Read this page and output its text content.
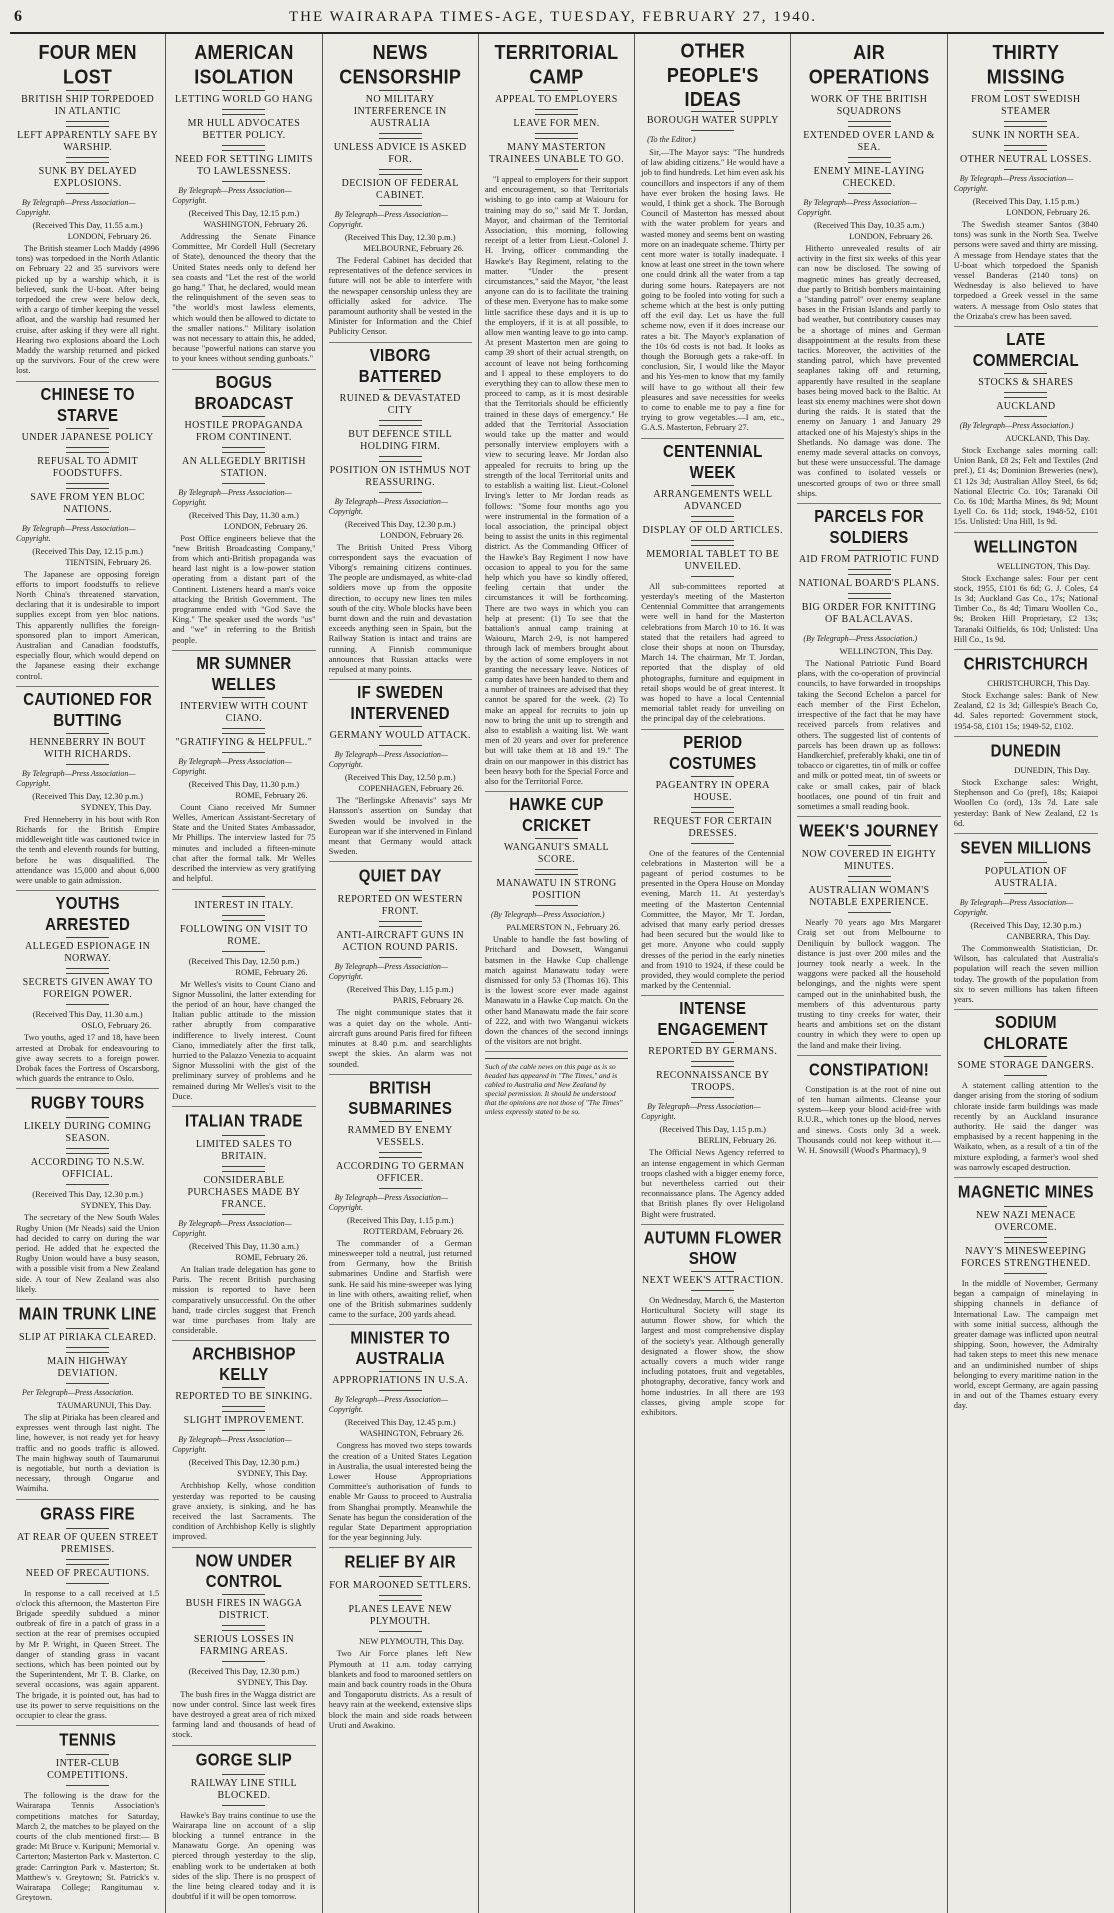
6	THE WAIRARAPA TIMES-AGE, TUESDAY, FEBRUARY 27, 1940.
FOUR MEN LOST
BRITISH SHIP TORPEDOED IN ATLANTIC
LEFT APPARENTLY SAFE BY WARSHIP.
SUNK BY DELAYED EXPLOSIONS.
By Telegraph—Press Association—Copyright.
(Received This Day, 11.55 a.m.)
LONDON, February 26.

The British steamer Loch Maddy (4996 tons) was torpedoed in the North Atlantic on February 22 and 35 survivors were picked up by a warship which, it is believed, sunk the U-boat. After being torpedoed the crew were below deck, with a cargo of timber keeping the vessel afloat, and the warship had resumed her cruise, after asking if they were all right. Hearing two explosions aboard the Loch Maddy the warship returned and picked up the survivors. Four of the crew were lost.

CHINESE TO STARVE
UNDER JAPANESE POLICY
REFUSAL TO ADMIT FOODSTUFFS.
SAVE FROM YEN BLOC NATIONS.
By Telegraph—Press Association—Copyright.
(Received This Day, 12.15 p.m.)
TIENTSIN, February 26.

The Japanese are opposing foreign efforts to import foodstuffs to relieve North China's threatened starvation, declaring that it is undesirable to import supplies except from yen bloc nations. This apparently nullifies the foreign-sponsored plan to import American, Australian and Canadian foodstuffs, especially flour, which would depend on the Japanese easing their exchange control.

CAUTIONED FOR BUTTING
HENNEBERRY IN BOUT WITH RICHARDS.
By Telegraph—Press Association—Copyright.
(Received This Day, 12.30 p.m.)
SYDNEY, This Day.

Fred Henneberry in his bout with Ron Richards for the British Empire middleweight title was cautioned twice in the tenth and eleventh rounds for butting, before he was disqualified. The attendance was 15,000 and about 6,000 were unable to gain admission.

YOUTHS ARRESTED
ALLEGED ESPIONAGE IN NORWAY.
SECRETS GIVEN AWAY TO FOREIGN POWER.
(Received This Day, 11.30 a.m.)
OSLO, February 26.

Two youths, aged 17 and 18, have been arrested at Drobak for endeavouring to give away secrets to a foreign power. Drobak faces the Fortress of Oscarsborg, which guards the entrance to Oslo.

RUGBY TOURS
LIKELY DURING COMING SEASON.
ACCORDING TO N.S.W. OFFICIAL.
(Received This Day, 12.30 p.m.)
SYDNEY, This Day.

The secretary of the New South Wales Rugby Union (Mr Neads) said the Union had decided to carry on during the war period. He added that he expected the Rugby Union would have a busy season, with a possible visit from a New Zealand side. A tour of New Zealand was also likely.

MAIN TRUNK LINE
SLIP AT PIRIAKA CLEARED.
MAIN HIGHWAY DEVIATION.
Per Telegraph—Press Association.
TAUMARUNUI, This Day.

The slip at Piriaka has been cleared and expresses went through last night. The line, however, is not ready yet for heavy traffic and no goods traffic is allowed. The main highway south of Taumarunui is negotiable, but north a deviation is necessary, through Ongarue and Waimiha.

GRASS FIRE
AT REAR OF QUEEN STREET PREMISES.
NEED OF PRECAUTIONS.

In response to a call received at 1.5 o'clock this afternoon, the Masterton Fire Brigade speedily subdued a minor outbreak of fire in a patch of grass in a section at the rear of premises occupied by Mr P. Wright, in Queen Street. The danger of standing grass in vacant sections, which has been pointed out by the Superintendent, Mr T. B. Clarke, on several occasions, was again apparent. The brigade, it is pointed out, has had to use its power to serve requisitions on the occupier to clear the grass.

TENNIS
INTER-CLUB COMPETITIONS.

The following is the draw for the Wairarapa Tennis Association's competitions matches for Saturday, March 2, the matches to be played on the courts of the club mentioned first:— B grade: Mt Bruce v. Kuripuni; Memorial v. Carterton; Masterton Park v. Masterton. C grade: Carrington Park v. Masterton; St. Matthew's v. Greytown; St. Patrick's v. Wairarapa College; Rangitumau v. Greytown.

AMERICAN ISOLATION
LETTING WORLD GO HANG
MR HULL ADVOCATES BETTER POLICY.
NEED FOR SETTING LIMITS TO LAWLESSNESS.
By Telegraph—Press Association—Copyright.
(Received This Day, 12.15 p.m.)
WASHINGTON, February 26.

Addressing the Senate Finance Committee, Mr Cordell Hull (Secretary of State), denounced the theory that the United States needs only to defend her sea coasts and "Let the rest of the world go hang." That, he declared, would mean the relinquishment of the seven seas to "the world's most lawless elements, which would then be allowed to dictate to the smaller nations." Military isolation was not necessary to attain this, he added, because "powerful nations can starve you to your knees without sending gunboats."

BOGUS BROADCAST
HOSTILE PROPAGANDA FROM CONTINENT.
AN ALLEGEDLY BRITISH STATION.
By Telegraph—Press Association—Copyright.
(Received This Day, 11.30 a.m.)
LONDON, February 26.

Post Office engineers believe that the "new British Broadcasting Company," from which anti-British propaganda was heard last night is a low-power station operating from a distant part of the Continent. Listeners heard a man's voice attacking the British Government. The programme ended with "God Save the King." The speaker used the words "us" and "we" in referring to the British people.

MR SUMNER WELLES
INTERVIEW WITH COUNT CIANO.
"GRATIFYING & HELPFUL."
By Telegraph—Press Association—Copyright.
(Received This Day, 11.30 p.m.)
ROME, February 26.

Count Ciano received Mr Sumner Welles, American Assistant-Secretary of State and the United States Ambassador, Mr Phillips. The interview lasted for 75 minutes and included a fifteen-minute chat after the formal talk. Mr Welles described the interview as very gratifying and helpful.

INTEREST IN ITALY.
FOLLOWING ON VISIT TO ROME.
(Received This Day, 12.50 p.m.)
ROME, February 26.

Mr Welles's visits to Count Ciano and Signor Mussolini, the latter extending for the period of an hour, have changed the Italian public attitude to the mission rather abruptly from comparative indifference to lively interest. Count Ciano, immediately after the first talk, hurried to the Palazzo Venezia to acquaint Signor Mussolini with the gist of the preliminary survey of problems and he remained during Mr Welles's visit to the Duce.

ITALIAN TRADE
LIMITED SALES TO BRITAIN.
CONSIDERABLE PURCHASES MADE BY FRANCE.
By Telegraph—Press Association—Copyright.
(Received This Day, 11.30 a.m.)
ROME, February 26.

An Italian trade delegation has gone to Paris. The recent British purchasing mission is reported to have been comparatively unsuccessful. On the other hand, trade circles suggest that French war time purchases from Italy are considerable.

ARCHBISHOP KELLY
REPORTED TO BE SINKING.
SLIGHT IMPROVEMENT.
By Telegraph—Press Association—Copyright.
(Received This Day, 12.30 p.m.)
SYDNEY, This Day.

Archbishop Kelly, whose condition yesterday was reported to be causing grave anxiety, is sinking, and he has received the last Sacraments. The condition of Archbishop Kelly is slightly improved.

NOW UNDER CONTROL
BUSH FIRES IN WAGGA DISTRICT.
SERIOUS LOSSES IN FARMING AREAS.
(Received This Day, 12.30 p.m.)
SYDNEY, This Day.

The bush fires in the Wagga district are now under control. Since last week fires have destroyed a great area of rich mixed farming land and thousands of head of stock.

GORGE SLIP
RAILWAY LINE STILL BLOCKED.

Hawke's Bay trains continue to use the Wairarapa line on account of a slip blocking a tunnel entrance in the Manawatu Gorge. An opening was pierced through yesterday to the slip, enabling work to be undertaken at both sides of the slip. There is no prospect of the line being cleared today and it is doubtful if it will be open tomorrow.

NEWS CENSORSHIP
NO MILITARY INTERFERENCE IN AUSTRALIA
UNLESS ADVICE IS ASKED FOR.
DECISION OF FEDERAL CABINET.
By Telegraph—Press Association—Copyright.
(Received This Day, 12.30 p.m.)
MELBOURNE, February 26.

The Federal Cabinet has decided that representatives of the defence services in future will not be able to interfere with the newspaper censorship unless they are officially asked for advice. The paramount authority shall be vested in the Minister for Information and the Chief Publicity Censor.

VIBORG BATTERED
RUINED & DEVASTATED CITY
BUT DEFENCE STILL HOLDING FIRM.
POSITION ON ISTHMUS NOT REASSURING.
By Telegraph—Press Association—Copyright.
(Received This Day, 12.30 p.m.)
LONDON, February 26.

The British United Press Viborg correspondent says the evacuation of Viborg's remaining citizens continues. The people are undismayed, as white-clad soldiers move up from the opposite direction, to occupy new lines ten miles south of the city. Whole blocks have been burnt down and the ruin and devastation exceeds anything seen in Spain, but the Railway Station is intact and trains are running. A Finnish communique announces that Russian attacks were repulsed at many points.

IF SWEDEN INTERVENED
GERMANY WOULD ATTACK.
By Telegraph—Press Association—Copyright.
(Received This Day, 12.50 p.m.)
COPENHAGEN, February 26.

The "Berlingske Aftenavis" says Mr Hansson's assertion on Sunday that Sweden would be involved in the European war if she intervened in Finland meant that Germany would attack Sweden.

QUIET DAY
REPORTED ON WESTERN FRONT.
ANTI-AIRCRAFT GUNS IN ACTION ROUND PARIS.
By Telegraph—Press Association—Copyright.
(Received This Day, 1.15 p.m.)
PARIS, February 26.

The night communique states that it was a quiet day on the whole. Anti-aircraft guns around Paris fired for fifteen minutes at 8.40 p.m. and searchlights swept the skies. An alarm was not sounded.

BRITISH SUBMARINES
RAMMED BY ENEMY VESSELS.
ACCORDING TO GERMAN OFFICER.
By Telegraph—Press Association—Copyright.
(Received This Day, 1.15 p.m.)
ROTTERDAM, February 26.

The commander of a German minesweeper told a neutral, just returned from Germany, how the British submarines Undine and Starfish were sunk. He said his mine-sweeper was lying in line with others, awaiting relief, when one of the British submarines suddenly came to the surface, 200 yards ahead.

MINISTER TO AUSTRALIA
APPROPRIATIONS IN U.S.A.
By Telegraph—Press Association—Copyright.
(Received This Day, 12.45 p.m.)
WASHINGTON, February 26.

Congress has moved two steps towards the creation of a United States Legation in Australia, the usual interested being the Lower House Appropriations Committee's authorisation of funds to enable Mr Gauss to proceed to Australia from Shanghai promptly. Meanwhile the Senate has begun the consideration of the regular State Department appropriation for the year beginning July.

RELIEF BY AIR
FOR MAROONED SETTLERS.
PLANES LEAVE NEW PLYMOUTH.
NEW PLYMOUTH, This Day.

Two Air Force planes left New Plymouth at 11 a.m. today carrying blankets and food to marooned settlers on main and back country roads in the Ohura and Tongaporutu districts. As a result of heavy rain at the weekend, extensive slips block the main and side roads between Uruti and Awakino.

TERRITORIAL CAMP
APPEAL TO EMPLOYERS
LEAVE FOR MEN.
MANY MASTERTON TRAINEES UNABLE TO GO.

"I appeal to employers for their support and encouragement, so that Territorials wishing to go into camp at Waiouru for training may do so," said Mr T. Jordan, Mayor, and chairman of the Territorial Association, this morning, following receipt of a letter from Lieut.-Colonel J. H. Irving, officer commanding the Hawke's Bay Regiment, relating to the matter. "Under the present circumstances," said the Mayor, "the least anyone can do is to facilitate the training of these men. Everyone has to make some little sacrifice these days and it is up to the employers, if it is at all possible, to allow men wanting leave to go into camp. At present Masterton men are going to camp 39 short of their actual strength, on account of leave not being forthcoming and I appeal to these employers to do everything they can to allow these men to proceed to camp, as it is most desirable that the Territorials should be efficiently trained in these days of emergency." He added that the Territorial Association would take up the matter and would personally interview employers with a view to securing leave. Mr Jordan also appealed for recruits to bring up the strength of the local Territorial units and to establish a waiting list. Lieut.-Colonel Irving's letter to Mr Jordan reads as follows: "Some four months ago you were instrumental in the formation of a local association, the principal object being to assist the units in this regimental district. As the Commanding Officer of the Hawke's Bay Regiment I now have occasion to appeal to you for the same help which you have so kindly offered, feeling certain that under the circumstances it will be forthcoming. There are two ways in which you can help at present: (1) To see that the battalion's annual camp training at Waiouru, March 2-9, is not hampered through lack of members brought about by the action of some employers in not granting the necessary leave. Notices of camp dates have been handed to them and a number of trainees are advised that they cannot be spared for the week. (2) To make an appeal for recruits to join up now to bring the unit up to strength and also to establish a waiting list. We want men of 20 years and over for preference but will take them at 18 and 19." The drain on our manpower in this district has been heavy both for the Special Force and also for the Territorial Force.

HAWKE CUP CRICKET
WANGANUI'S SMALL SCORE.
MANAWATU IN STRONG POSITION
(By Telegraph—Press Association.)
PALMERSTON N., February 26.

Unable to handle the fast bowling of Pritchard and Dowsett, Wanganui batsmen in the Hawke Cup challenge match against Manawatu today were dismissed for only 53 (Thomas 16). This is the lowest score ever made against Manawatu in a Hawke Cup match. On the other hand Manawatu made the fair score of 222, and with two Wanganui wickets down the chances of the second innings of the visitors are not bright.

Such of the cable news on this page as is so headed has appeared in "The Times," and is cabled to Australia and New Zealand by special permission. It should be understood that the opinions are not those of "The Times" unless expressly stated to be so.
OTHER PEOPLE'S IDEAS
BOROUGH WATER SUPPLY
(To the Editor.)

Sir,—The Mayor says: "The hundreds of law abiding citizens." He would have a job to find hundreds. Let him even ask his councillors and inspectors if any of them have ever broken the hosing laws. He would, I think get a shock. The Borough Council of Masterton has messed about with the water problem for years and wasted money and seems bent on wasting more on an inadequate scheme. Thirty per cent more water is totally inadequate. I know at least one street in the town where one could drink all the water from a tap during some hours. Ratepayers are not going to be fooled into voting for such a scheme which at the best is only putting off the evil day. Let us have the full scheme now, even if it does increase our rates a bit. The Mayor's explanation of the 10s 6d costs is not bad. It looks as though the Borough gets a rake-off. In conclusion, Sir, I would like the Mayor and his Yes-men to know that my family will have to go without all their few pleasures and save necessities for weeks to come to enable me to pay a fine for trying to grow vegetables.—I am, etc., G.A.S. Masterton, February 27.

CENTENNIAL WEEK
ARRANGEMENTS WELL ADVANCED
DISPLAY OF OLD ARTICLES.
MEMORIAL TABLET TO BE UNVEILED.

All sub-committees reported at yesterday's meeting of the Masterton Centennial Committee that arrangements were well in hand for the Masterton celebrations from March 10 to 16. It was stated that the retailers had agreed to close their shops at noon on Thursday, March 14. The chairman, Mr T. Jordan, reported that the display of old photographs, furniture and equipment in retail shops would be of great interest. It was hoped to have a local Centennial memorial tablet ready for unveiling on the principal day of the celebrations.

PERIOD COSTUMES
PAGEANTRY IN OPERA HOUSE.
REQUEST FOR CERTAIN DRESSES.

One of the features of the Centennial celebrations in Masterton will be a pageant of period costumes to be presented in the Opera House on Monday evening, March 11. At yesterday's meeting of the Masterton Centennial Committee, the Mayor, Mr T. Jordan, advised that many early period dresses had been secured but the would like to get more. Anyone who could supply dresses of the period in the early nineties and from 1910 to 1924, if these could be provided, they would complete the period marked by the Centennial.

INTENSE ENGAGEMENT
REPORTED BY GERMANS.
RECONNAISSANCE BY TROOPS.
By Telegraph—Press Association—Copyright.
(Received This Day, 1.15 p.m.)
BERLIN, February 26.

The Official News Agency referred to an intense engagement in which German troops clashed with a bigger enemy force, but nevertheless carried out their reconnaissance plans. The Agency added that British planes fly over Heligoland Bight were frustrated.

AUTUMN FLOWER SHOW
NEXT WEEK'S ATTRACTION.

On Wednesday, March 6, the Masterton Horticultural Society will stage its autumn flower show, for which the largest and most comprehensive display of the society's year. Although generally designated a flower show, the show actually covers a much wider range including potatoes, fruit and vegetables, photography, decorative, fancy work and home industries. In all there are 193 classes, giving ample scope for exhibitors.

AIR OPERATIONS
WORK OF THE BRITISH SQUADRONS
EXTENDED OVER LAND & SEA.
ENEMY MINE-LAYING CHECKED.
By Telegraph—Press Association—Copyright.
(Received This Day, 10.35 a.m.)
LONDON, February 26.

Hitherto unrevealed results of air activity in the first six weeks of this year can now be disclosed. The sowing of magnetic mines has greatly decreased, due partly to British bombers maintaining a "standing patrol" over enemy seaplane bases in the Frisian Islands and partly to bad weather, but contributory causes may be a shortage of mines and German disappointment at the results from these tactics. Moreover, the activities of the standing patrol, which have prevented seaplanes taking off and returning, apparently have resulted in the seaplane bases being moved back to the Baltic. At least six enemy machines were shot down during the raids. It is stated that the enemy on January 1 and January 29 attacked one of his Majesty's ships in the Shetlands. No damage was done. The enemy made several attacks on convoys, but these were unsuccessful. The damage was confined to isolated vessels or unescorted groups of two or three small ships.

PARCELS FOR SOLDIERS
AID FROM PATRIOTIC FUND
NATIONAL BOARD'S PLANS.
BIG ORDER FOR KNITTING OF BALACLAVAS.
(By Telegraph—Press Association.)
WELLINGTON, This Day.

The National Patriotic Fund Board plans, with the co-operation of provincial councils, to have forwarded in troopships taking the Second Echelon a parcel for each member of the First Echelon, irrespective of the fact that he may have received parcels from relatives and others. The suggested list of contents of parcels has been drawn up as follows: Handkerchief, preferably khaki, one tin of tobacco or cigarettes, tin of milk or coffee and milk or potted meat, tin of sweets or cake or small cakes, pair of black bootlaces, one pound of tin fruit and sometimes a small reading book.

WEEK'S JOURNEY
NOW COVERED IN EIGHTY MINUTES.
AUSTRALIAN WOMAN'S NOTABLE EXPERIENCE.

Nearly 70 years ago Mrs Margaret Craig set out from Melbourne to Deniliquin by bullock waggon. The distance is just over 200 miles and the journey took nearly a week. In the waggons were packed all the household belongings, and the nights were spent camped out in the uninhabited bush, the members of this adventurous party trusting to tiny creeks for water, their hearts and ambitions set on the distant country in which they were to open up the land and make their living.

CONSTIPATION!

Constipation is at the root of nine out of ten human ailments. Cleanse your system—keep your blood acid-free with R.U.R., which tones up the blood, nerves and sinews. Costs only 3d a week. Thousands could not keep without it.—W. H. Snowsill (Wood's Pharmacy), 9

THIRTY MISSING
FROM LOST SWEDISH STEAMER
SUNK IN NORTH SEA.
OTHER NEUTRAL LOSSES.
By Telegraph—Press Association—Copyright.
(Received This Day, 1.15 p.m.)
LONDON, February 26.

The Swedish steamer Santos (3840 tons) was sunk in the North Sea. Twelve persons were saved and thirty are missing. A message from Hendaye states that the U-boat which torpedoed the Spanish vessel Banderas (2140 tons) on Wednesday is also believed to have torpedoed a Greek vessel in the same waters. A message from Oslo states that the Orizaba's crew has been saved.

LATE COMMERCIAL
STOCKS & SHARES
AUCKLAND
(By Telegraph—Press Association.)
AUCKLAND, This Day.

Stock Exchange sales morning call: Union Bank, £8 2s; Felt and Textiles (2nd pref.), £1 4s; Dominion Breweries (new), £1 12s 3d; Australian Alloy Steel, 6s 6d; National Electric Co. 10s; Taranaki Oil Co. 6s 10d; Martha Mines, 8s 9d; Mount Lyell Co. 6s 11d; stock, 1948-52, £101 15s. Unlisted: Una Hill, 1s 9d.

WELLINGTON
WELLINGTON, This Day.

Stock Exchange sales: Four per cent stock, 1955, £101 6s 6d; G. J. Coles, £4 1s 3d; Auckland Gas Co., 17s; National Timber Co., 8s 4d; Timaru Woollen Co., 9s; Broken Hill Proprietary, £2 13s; Taranaki Oilfields, 6s 10d; Unlisted: Una Hill Co., 1s 9d.

CHRISTCHURCH
CHRISTCHURCH, This Day.

Stock Exchange sales: Bank of New Zealand, £2 1s 3d; Gillespie's Beach Co, 4d. Sales reported: Government stock, 1954-58, £101 15s; 1949-52, £102.

DUNEDIN
DUNEDIN, This Day.

Stock Exchange sales: Wright, Stephenson and Co (pref), 18s; Kaiapoi Woollen Co (ord), 13s 7d. Late sale yesterday: Bank of New Zealand, £2 1s 6d.

SEVEN MILLIONS
POPULATION OF AUSTRALIA.
By Telegraph—Press Association—Copyright.
(Received This Day, 12.30 p.m.)
CANBERRA, This Day.

The Commonwealth Statistician, Dr. Wilson, has calculated that Australia's population will reach the seven million today. The growth of the population from six to seven millions has taken fifteen years.

SODIUM CHLORATE
SOME STORAGE DANGERS.

A statement calling attention to the danger arising from the storing of sodium chlorate inside farm buildings was made recently by an Auckland insurance authority. He said the danger was emphasised by a recent happening in the Waikato, when, as a result of a tin of the mixture exploding, a farmer's wool shed was narrowly escaped destruction.

MAGNETIC MINES
NEW NAZI MENACE OVERCOME.
NAVY'S MINESWEEPING FORCES STRENGTHENED.

In the middle of November, Germany began a campaign of minelaying in shipping channels in defiance of International Law. The campaign met with some initial success, although the greater damage was inflicted upon neutral shipping. Soon, however, the Admiralty had taken steps to meet this new menace and an undiminished number of ships belonging to every maritime nation in the world, except Germany, are again passing in and out of the Thames estuary every day.
